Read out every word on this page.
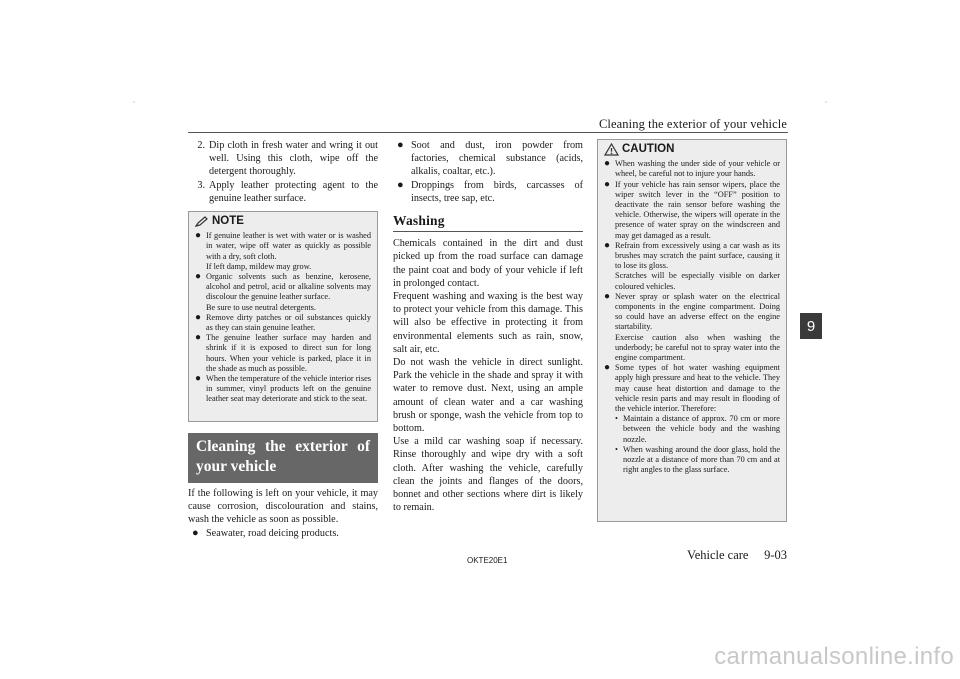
Cleaning the exterior of your vehicle
9
2. Dip cloth in fresh water and wring it out well. Using this cloth, wipe off the detergent thoroughly.
3. Apply leather protecting agent to the genuine leather surface.
NOTE
● If genuine leather is wet with water or is washed in water, wipe off water as quickly as possible with a dry, soft cloth.
If left damp, mildew may grow.
● Organic solvents such as benzine, kerosene, alcohol and petrol, acid or alkaline solvents may discolour the genuine leather surface.
Be sure to use neutral detergents.
● Remove dirty patches or oil substances quickly as they can stain genuine leather.
● The genuine leather surface may harden and shrink if it is exposed to direct sun for long hours. When your vehicle is parked, place it in the shade as much as possible.
● When the temperature of the vehicle interior rises in summer, vinyl products left on the genuine leather seat may deteriorate and stick to the seat.
Cleaning the exterior of your vehicle
If the following is left on your vehicle, it may cause corrosion, discolouration and stains, wash the vehicle as soon as possible.
● Seawater, road deicing products.
● Soot and dust, iron powder from factories, chemical substance (acids, alkalis, coaltar, etc.).
● Droppings from birds, carcasses of insects, tree sap, etc.
Washing
Chemicals contained in the dirt and dust picked up from the road surface can damage the paint coat and body of your vehicle if left in prolonged contact.
Frequent washing and waxing is the best way to protect your vehicle from this damage. This will also be effective in protecting it from environmental elements such as rain, snow, salt air, etc.
Do not wash the vehicle in direct sunlight. Park the vehicle in the shade and spray it with water to remove dust. Next, using an ample amount of clean water and a car washing brush or sponge, wash the vehicle from top to bottom.
Use a mild car washing soap if necessary. Rinse thoroughly and wipe dry with a soft cloth. After washing the vehicle, carefully clean the joints and flanges of the doors, bonnet and other sections where dirt is likely to remain.
CAUTION
● When washing the under side of your vehicle or wheel, be careful not to injure your hands.
● If your vehicle has rain sensor wipers, place the wiper switch lever in the “OFF” position to deactivate the rain sensor before washing the vehicle. Otherwise, the wipers will operate in the presence of water spray on the windscreen and may get damaged as a result.
● Refrain from excessively using a car wash as its brushes may scratch the paint surface, causing it to lose its gloss.
Scratches will be especially visible on darker coloured vehicles.
● Never spray or splash water on the electrical components in the engine compartment. Doing so could have an adverse effect on the engine startability.
Exercise caution also when washing the underbody; be careful not to spray water into the engine compartment.
● Some types of hot water washing equipment apply high pressure and heat to the vehicle. They may cause heat distortion and damage to the vehicle resin parts and may result in flooding of the vehicle interior. Therefore:
• Maintain a distance of approx. 70 cm or more between the vehicle body and the washing nozzle.
• When washing around the door glass, hold the nozzle at a distance of more than 70 cm and at right angles to the glass surface.
OKTE20E1	Vehicle care     9-03
carmanualsonline.info
